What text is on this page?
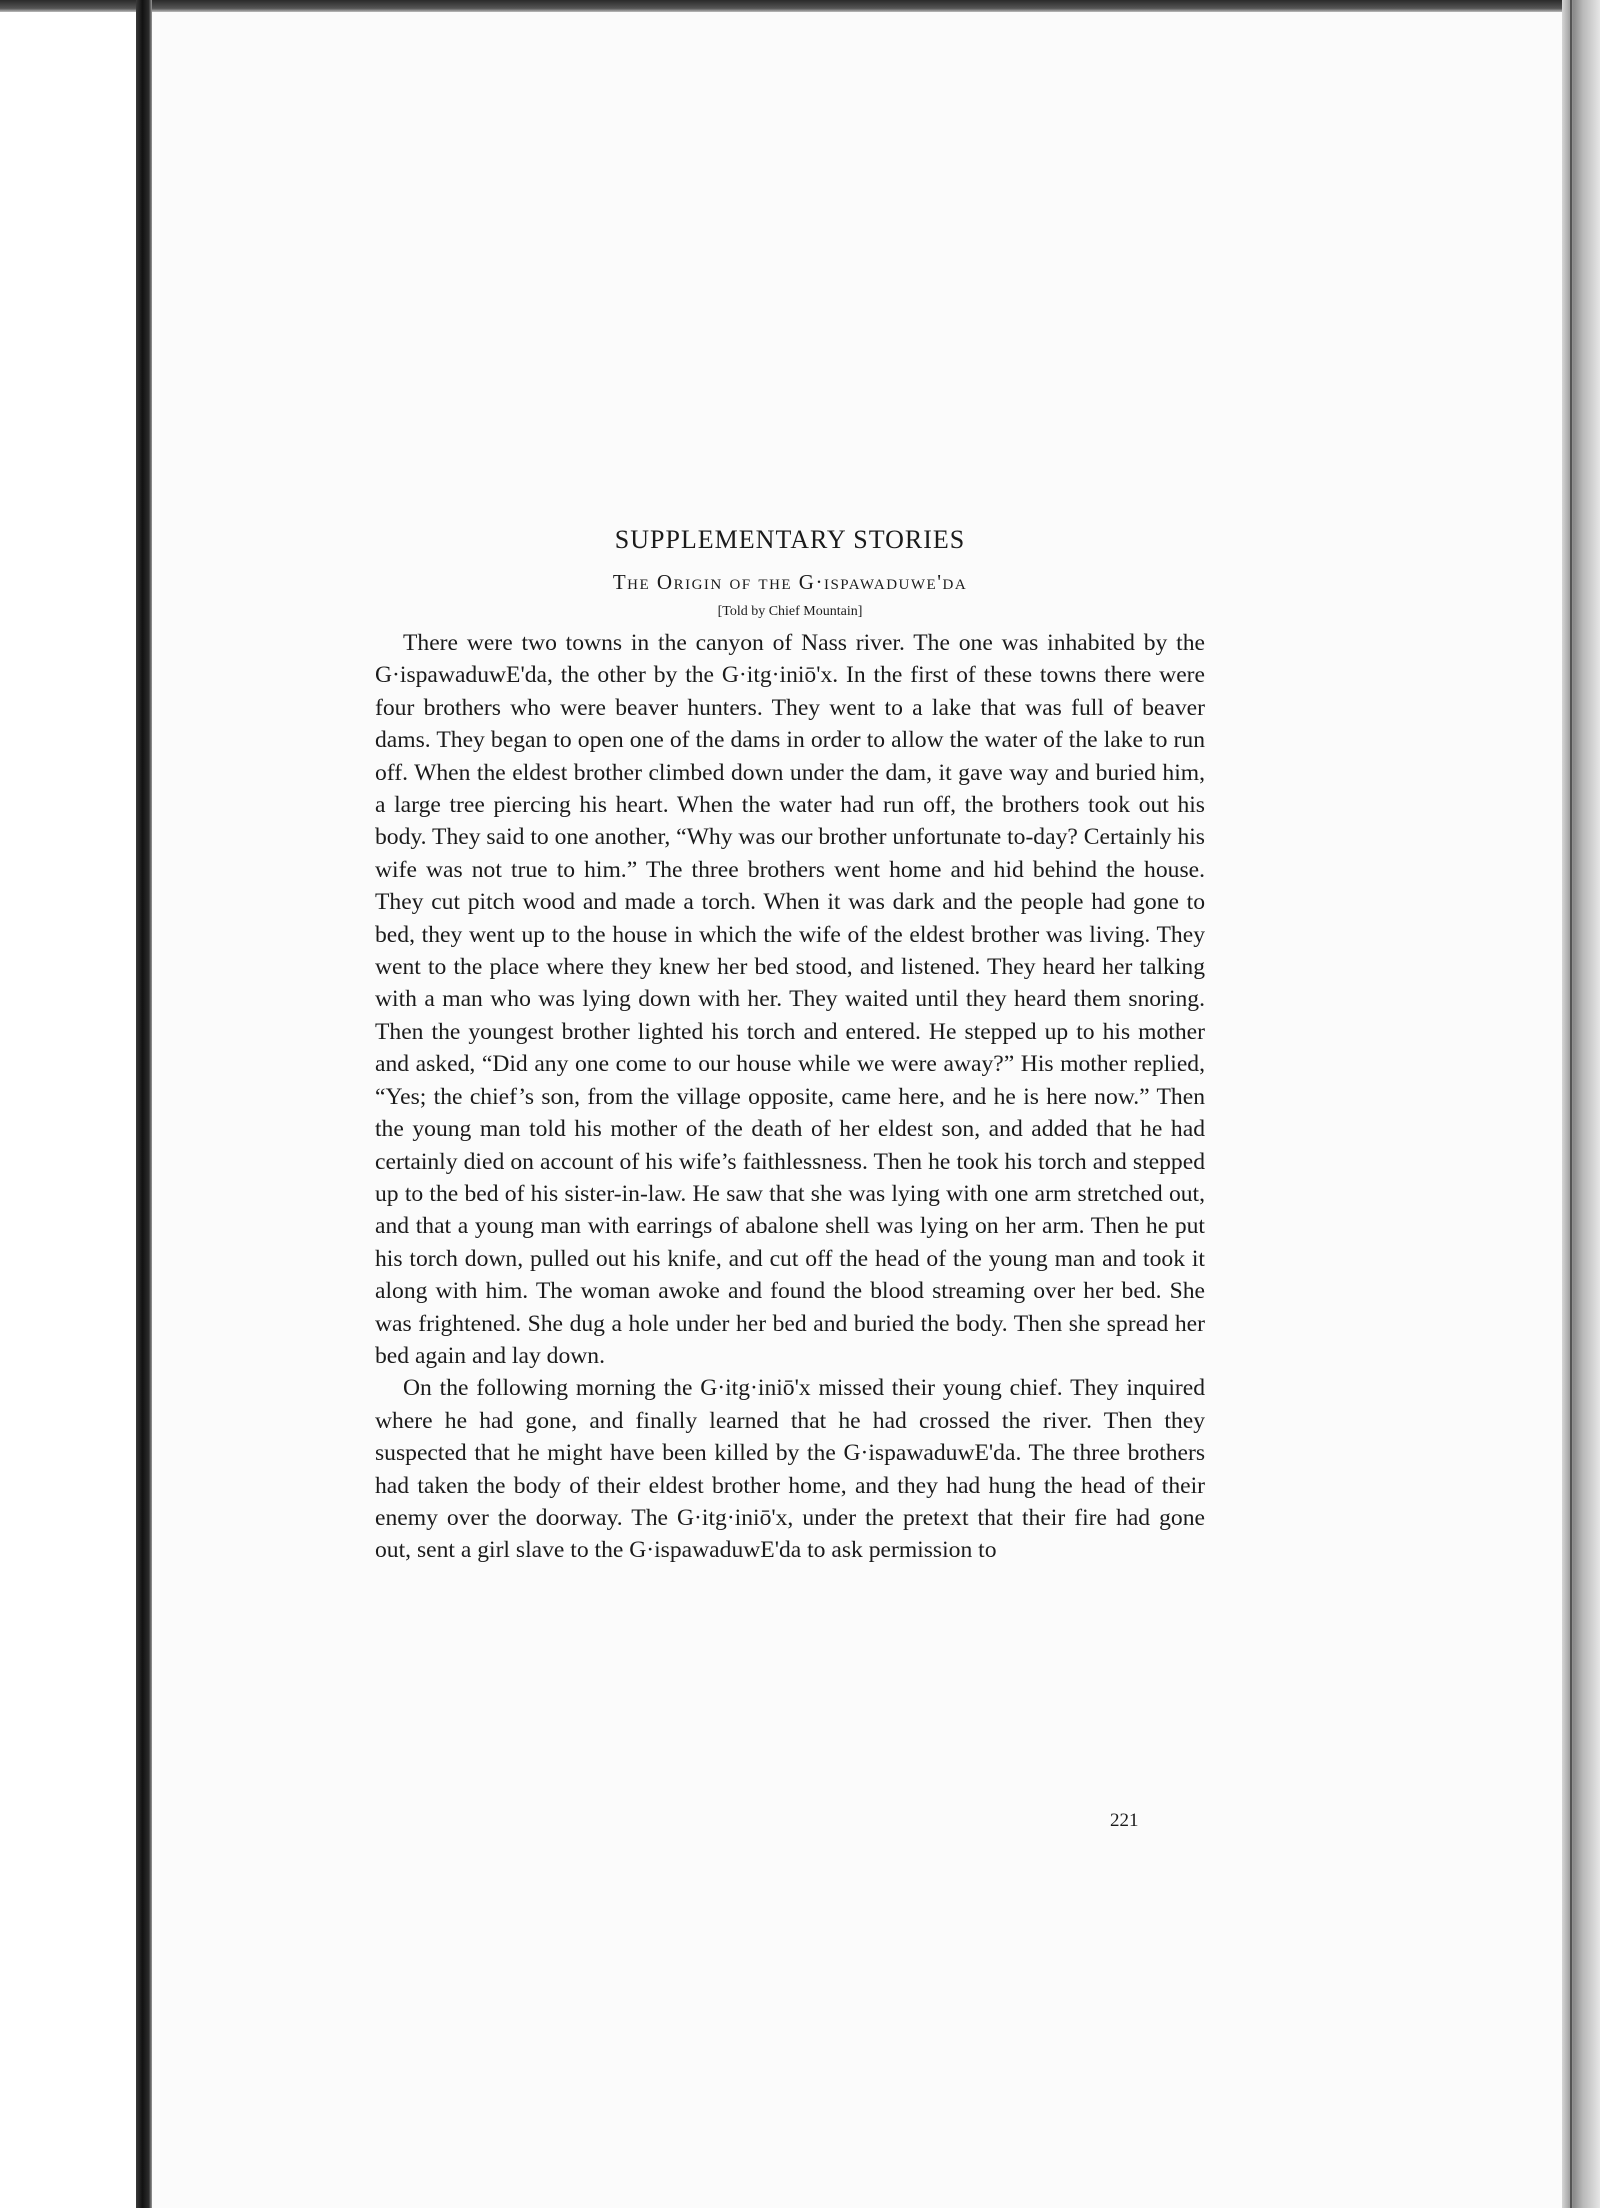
SUPPLEMENTARY STORIES
The Origin of the G·ispawaduwe'da
[Told by Chief Mountain]

There were two towns in the canyon of Nass river. The one was inhabited by the G·ispawaduwE'da, the other by the G·itg·iniō'x. In the first of these towns there were four brothers who were beaver hunters. They went to a lake that was full of beaver dams. They began to open one of the dams in order to allow the water of the lake to run off. When the eldest brother climbed down under the dam, it gave way and buried him, a large tree piercing his heart. When the water had run off, the brothers took out his body. They said to one another, “Why was our brother unfortunate to-day? Certainly his wife was not true to him.” The three brothers went home and hid behind the house. They cut pitch wood and made a torch. When it was dark and the people had gone to bed, they went up to the house in which the wife of the eldest brother was living. They went to the place where they knew her bed stood, and listened. They heard her talking with a man who was lying down with her. They waited until they heard them snoring. Then the youngest brother lighted his torch and entered. He stepped up to his mother and asked, “Did any one come to our house while we were away?” His mother replied, “Yes; the chief’s son, from the village opposite, came here, and he is here now.” Then the young man told his mother of the death of her eldest son, and added that he had certainly died on account of his wife’s faithlessness. Then he took his torch and stepped up to the bed of his sister-in-law. He saw that she was lying with one arm stretched out, and that a young man with earrings of abalone shell was lying on her arm. Then he put his torch down, pulled out his knife, and cut off the head of the young man and took it along with him. The woman awoke and found the blood streaming over her bed. She was frightened. She dug a hole under her bed and buried the body. Then she spread her bed again and lay down.

On the following morning the G·itg·iniō'x missed their young chief. They inquired where he had gone, and finally learned that he had crossed the river. Then they suspected that he might have been killed by the G·ispawaduwE'da. The three brothers had taken the body of their eldest brother home, and they had hung the head of their enemy over the doorway. The G·itg·iniō'x, under the pretext that their fire had gone out, sent a girl slave to the G·ispawaduwE'da to ask permission to

221
